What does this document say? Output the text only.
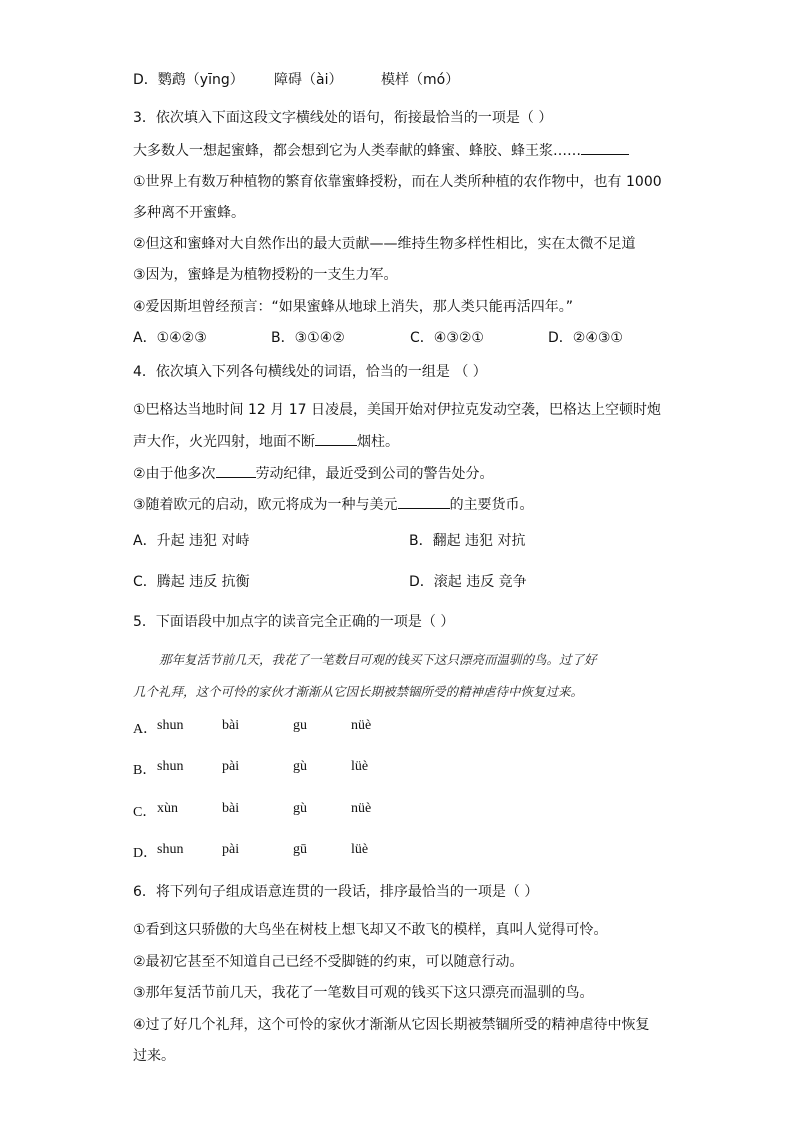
D．鹦鹉（yīng） 障碍（ài）	模样（mó）
3．依次填入下面这段文字横线处的语句，衔接最恰当的一项是（ ）
大多数人一想起蜜蜂，都会想到它为人类奉献的蜂蜜、蜂胶、蜂王浆……
①世界上有数万种植物的繁育依靠蜜蜂授粉，而在人类所种植的农作物中，也有 1000
多种离不开蜜蜂。
②但这和蜜蜂对大自然作出的最大贡献——维持生物多样性相比，实在太微不足道
③因为，蜜蜂是为植物授粉的一支生力军。
④爱因斯坦曾经预言：“如果蜜蜂从地球上消失，那人类只能再活四年。”
A．①④②③	B．③①④②	C．④③②①	D．②④③①
4．依次填入下列各句横线处的词语，恰当的一组是 （ ）
①巴格达当地时间 12 月 17 日凌晨，美国开始对伊拉克发动空袭，巴格达上空顿时炮
声大作，火光四射，地面不断	烟柱。
②由于他多次	劳动纪律，最近受到公司的警告处分。
③随着欧元的启动，欧元将成为一种与美元	的主要货币。
A．升起 违犯 对峙	B．翻起 违犯 对抗
C．腾起 违反 抗衡	D．滚起 违反 竞争
5．下面语段中加点字的读音完全正确的一项是（ ）
那年复活节前几天，我花了一笔数目可观的钱买下这只漂亮而温驯的鸟。过了好
几个礼拜，这个可怜的家伙才渐渐从它因长期被禁锢所受的精神虐待中恢复过来。
A． shun	bài	gu	nüè
B． shun	pài	gù	lüè
C． xùn	bài	gù	nüè
D． shun	pài	gū	lüè
6．将下列句子组成语意连贯的一段话，排序最恰当的一项是（ ）
①看到这只骄傲的大鸟坐在树枝上想飞却又不敢飞的模样，真叫人觉得可怜。
②最初它甚至不知道自己已经不受脚链的约束，可以随意行动。
③那年复活节前几天，我花了一笔数目可观的钱买下这只漂亮而温驯的鸟。
④过了好几个礼拜，这个可怜的家伙才渐渐从它因长期被禁锢所受的精神虐待中恢复
过来。
